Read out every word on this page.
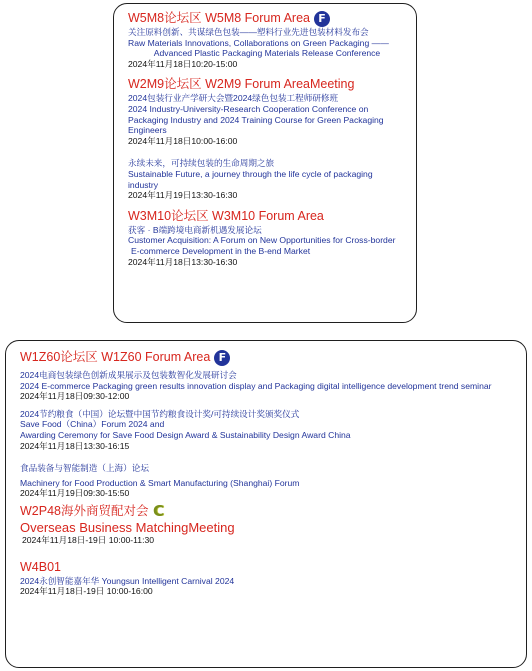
W5M8论坛区 W5M8 Forum Area F
关注原料创新、共谋绿色包装——塑料行业先进包装材料发布会
Raw Materials Innovations, Collaborations on Green Packaging ——
Advanced Plastic Packaging Materials Release Conference
2024年11月18日10:20-15:00
W2M9论坛区 W2M9 Forum AreaMeeting
2024包装行业产学研大会暨2024绿色包装工程师研修班
2024 Industry-University-Research Cooperation Conference on
Packaging Industry and 2024 Training Course for Green Packaging
Engineers
2024年11月18日10:00-16:00
永续未来，可持续包装的生命周期之旅
Sustainable Future, a journey through the life cycle of packaging
industry
2024年11月19日13:30-16:30
W3M10论坛区 W3M10 Forum Area
获客 · B端跨境电商新机遇发展论坛
Customer Acquisition: A Forum on New Opportunities for Cross-border
E-commerce Development in the B-end Market
2024年11月18日13:30-16:30
W1Z60论坛区 W1Z60 Forum Area F
2024电商包装绿色创新成果展示及包装数智化发展研讨会
2024 E-commerce Packaging green results innovation display and Packaging digital intelligence development trend seminar
2024年11月18日09:30-12:00
2024节约粮食（中国）论坛暨中国节约粮食设计奖/可持续设计奖颁奖仪式
Save Food（China）Forum 2024 and
Awarding Ceremony for Save Food Design Award & Sustainability Design Award China
2024年11月18日13:30-16:15
食品装备与智能制造（上海）论坛
Machinery for Food Production & Smart Manufacturing (Shanghai) Forum
2024年11月19日09:30-15:50
W2P48海外商贸配对会 C
Overseas Business MatchingMeeting
2024年11月18日-19日 10:00-11:30
W4B01
2024永创智能嘉年华 Youngsun Intelligent Carnival 2024
2024年11月18日-19日 10:00-16:00
